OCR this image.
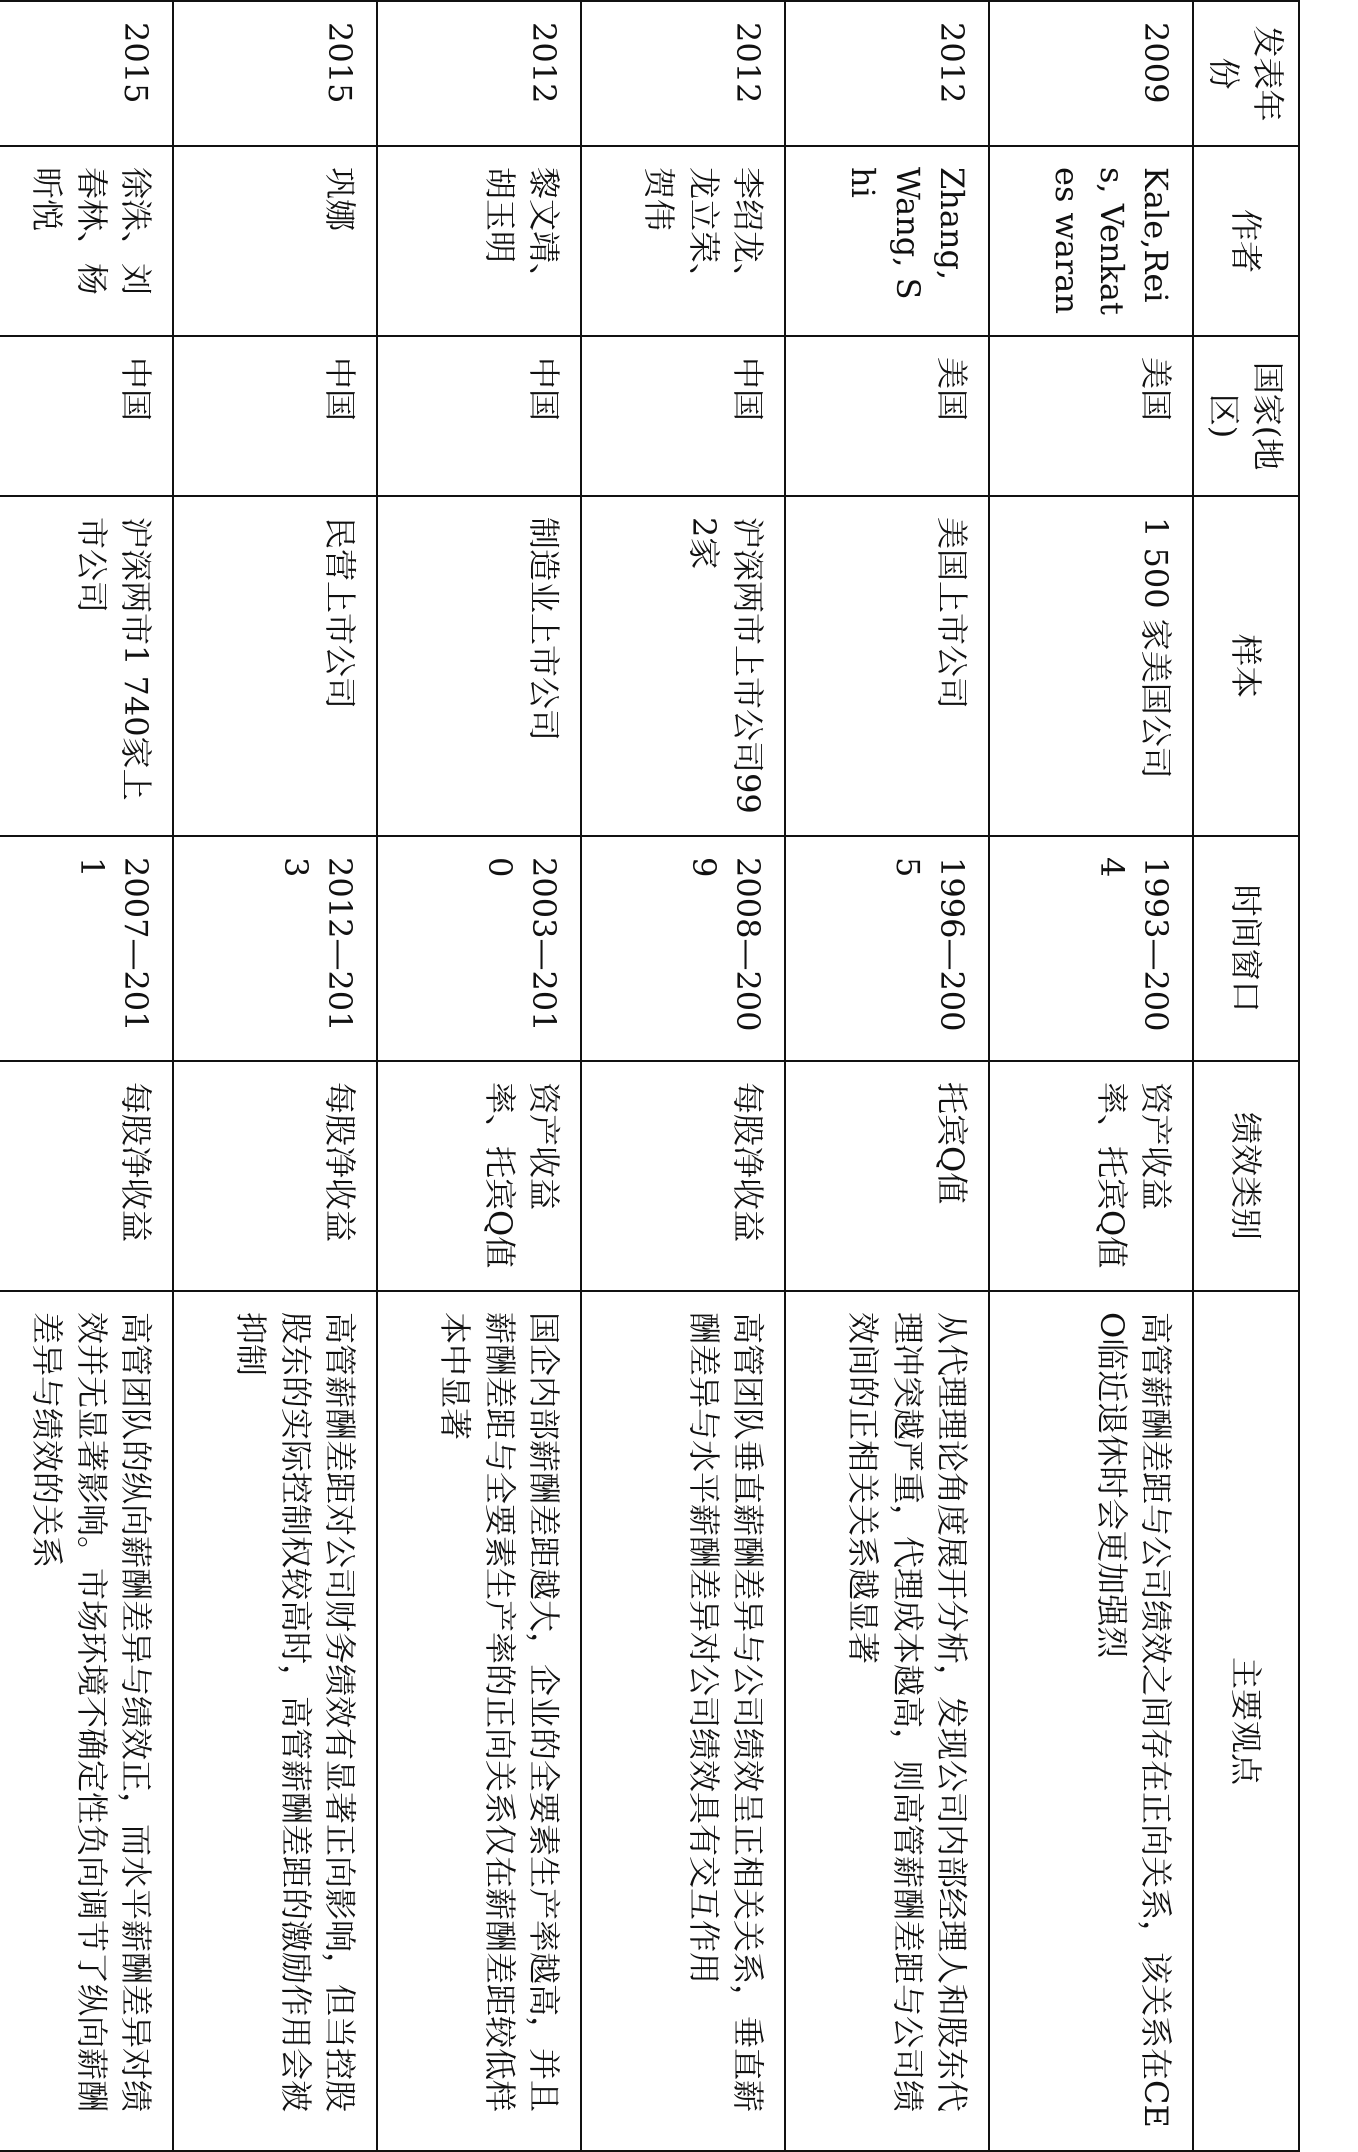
发表年份	作者	国家(地区)	样本	时间窗口	绩效类别	主要观点
2009	Kale,Reis, Venkates waran	美国	1 500 家美国公司	1993—2004	资产收益率、托宾Q值	高管薪酬差距与公司绩效之间存在正向关系，该关系在CEO临近退休时会更加强烈
2012	Zhang, Wang, Shi	美国	美国上市公司	1996—2005	托宾Q值	从代理理论角度展开分析，发现公司内部经理人和股东代理冲突越严重，代理成本越高，则高管薪酬差距与公司绩效间的正相关关系越显著
2012	李绍龙、龙立荣、贺伟	中国	沪深两市上市公司992家	2008—2009	每股净收益	高管团队垂直薪酬差异与公司绩效呈正相关关系，垂直薪酬差异与水平薪酬差异对公司绩效具有交互作用
2012	黎文靖、胡玉明	中国	制造业上市公司	2003—2010	资产收益率、托宾Q值	国企内部薪酬差距越大，企业的全要素生产率越高，并且薪酬差距与全要素生产率的正向关系仅在薪酬差距较低样本中显著
2015	巩娜	中国	民营上市公司	2012—2013	每股净收益	高管薪酬差距对公司财务绩效有显著正向影响，但当控股股东的实际控制权较高时，高管薪酬差距的激励作用会被抑制
2015	徐洙、刘春林、杨昕悦	中国	沪深两市1 740家上市公司	2007—2011	每股净收益	高管团队的纵向薪酬差异与绩效正，而水平薪酬差异对绩效并无显著影响。市场环境不确定性负向调节了纵向薪酬差异与绩效的关系
